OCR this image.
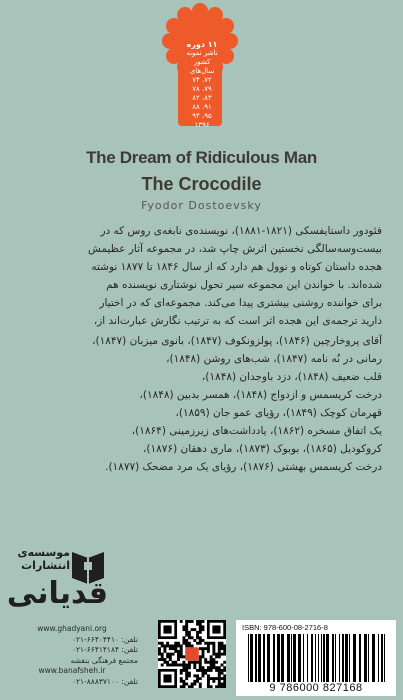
۱۱ دوره
ناشر نمونه
کشور
سال‌های
۷۲، ۷۴
۷۹، ۷۸
۸۳، ۸۲
۹۱، ۸۸
۹۵، ۹۴
۱۳۹۶
The Dream of Ridiculous Man
The Crocodile
Fyodor Dostoevsky
فئودور داستایفسکی (۱۸۲۱-۱۸۸۱)، نویسنده‌ی نابغه‌ی روس که در
بیست‌وسه‌سالگی نخستین اثرش چاپ شد، در مجموعه آثار عظیمش
هجده داستان کوتاه و نوول هم دارد که از سال ۱۸۴۶ تا ۱۸۷۷ نوشته
شده‌اند. با خواندن این مجموعه سیر تحول نوشتاری نویسنده هم
برای خواننده روشنی بیشتری پیدا می‌کند. مجموعه‌ای که در اختیار
دارید ترجمه‌ی این هجده اثر است که به ترتیب نگارش عبارت‌اند از،
آقای پروخارچین (۱۸۴۶)، پولزونکوف (۱۸۴۷)، بانوی میزبان (۱۸۴۷)،
رمانی در نُه نامه (۱۸۴۷)، شب‌های روشن (۱۸۴۸)،
قلب ضعیف (۱۸۴۸)، دزد باوجدان (۱۸۴۸)،
درخت کریسمس و ازدواج (۱۸۴۸)، همسر بدبین (۱۸۴۸)،
قهرمان کوچک (۱۸۴۹)، رؤیای عمو جان (۱۸۵۹)،
یک اتفاق مسخره (۱۸۶۲)، یادداشت‌های زیرزمینی (۱۸۶۴)،
کروکودیل (۱۸۶۵)، بوبوک (۱۸۷۳)، ماری دهقان (۱۸۷۶)،
درخت کریسمس بهشتی (۱۸۷۶)، رؤیای یک مرد مضحک (۱۸۷۷).
موسسه‌ی انتشارات
قدیانی
www.ghadyani.org
تلفن: ۶۶۴۰۴۴۱۰-۰۲۱
تلفن: ۶۶۴۱۴۱۸۴-۰۲۱
مجتمع فرهنگی بنفشه
www.banafsheh.ir
تلفن: ۸۸۸۳۷۱۰۰-۰۲۱
ISBN: 978-600-08-2716-8
9 786000 827168
